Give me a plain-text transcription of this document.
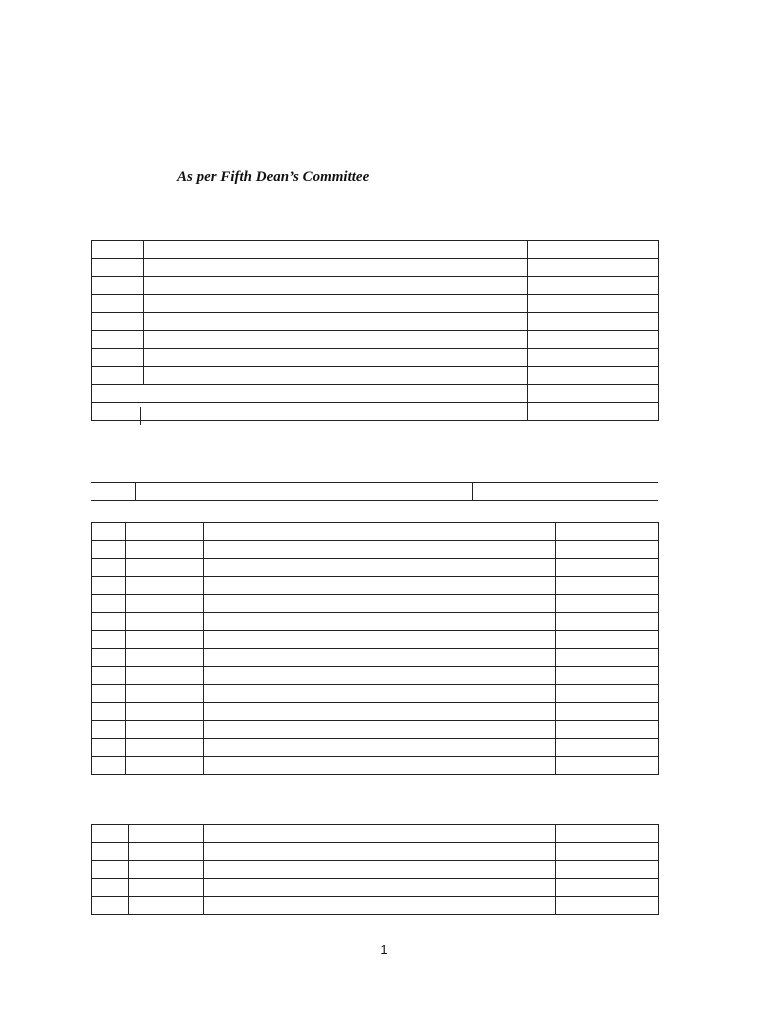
As per Fifth Dean’s Committee

1
